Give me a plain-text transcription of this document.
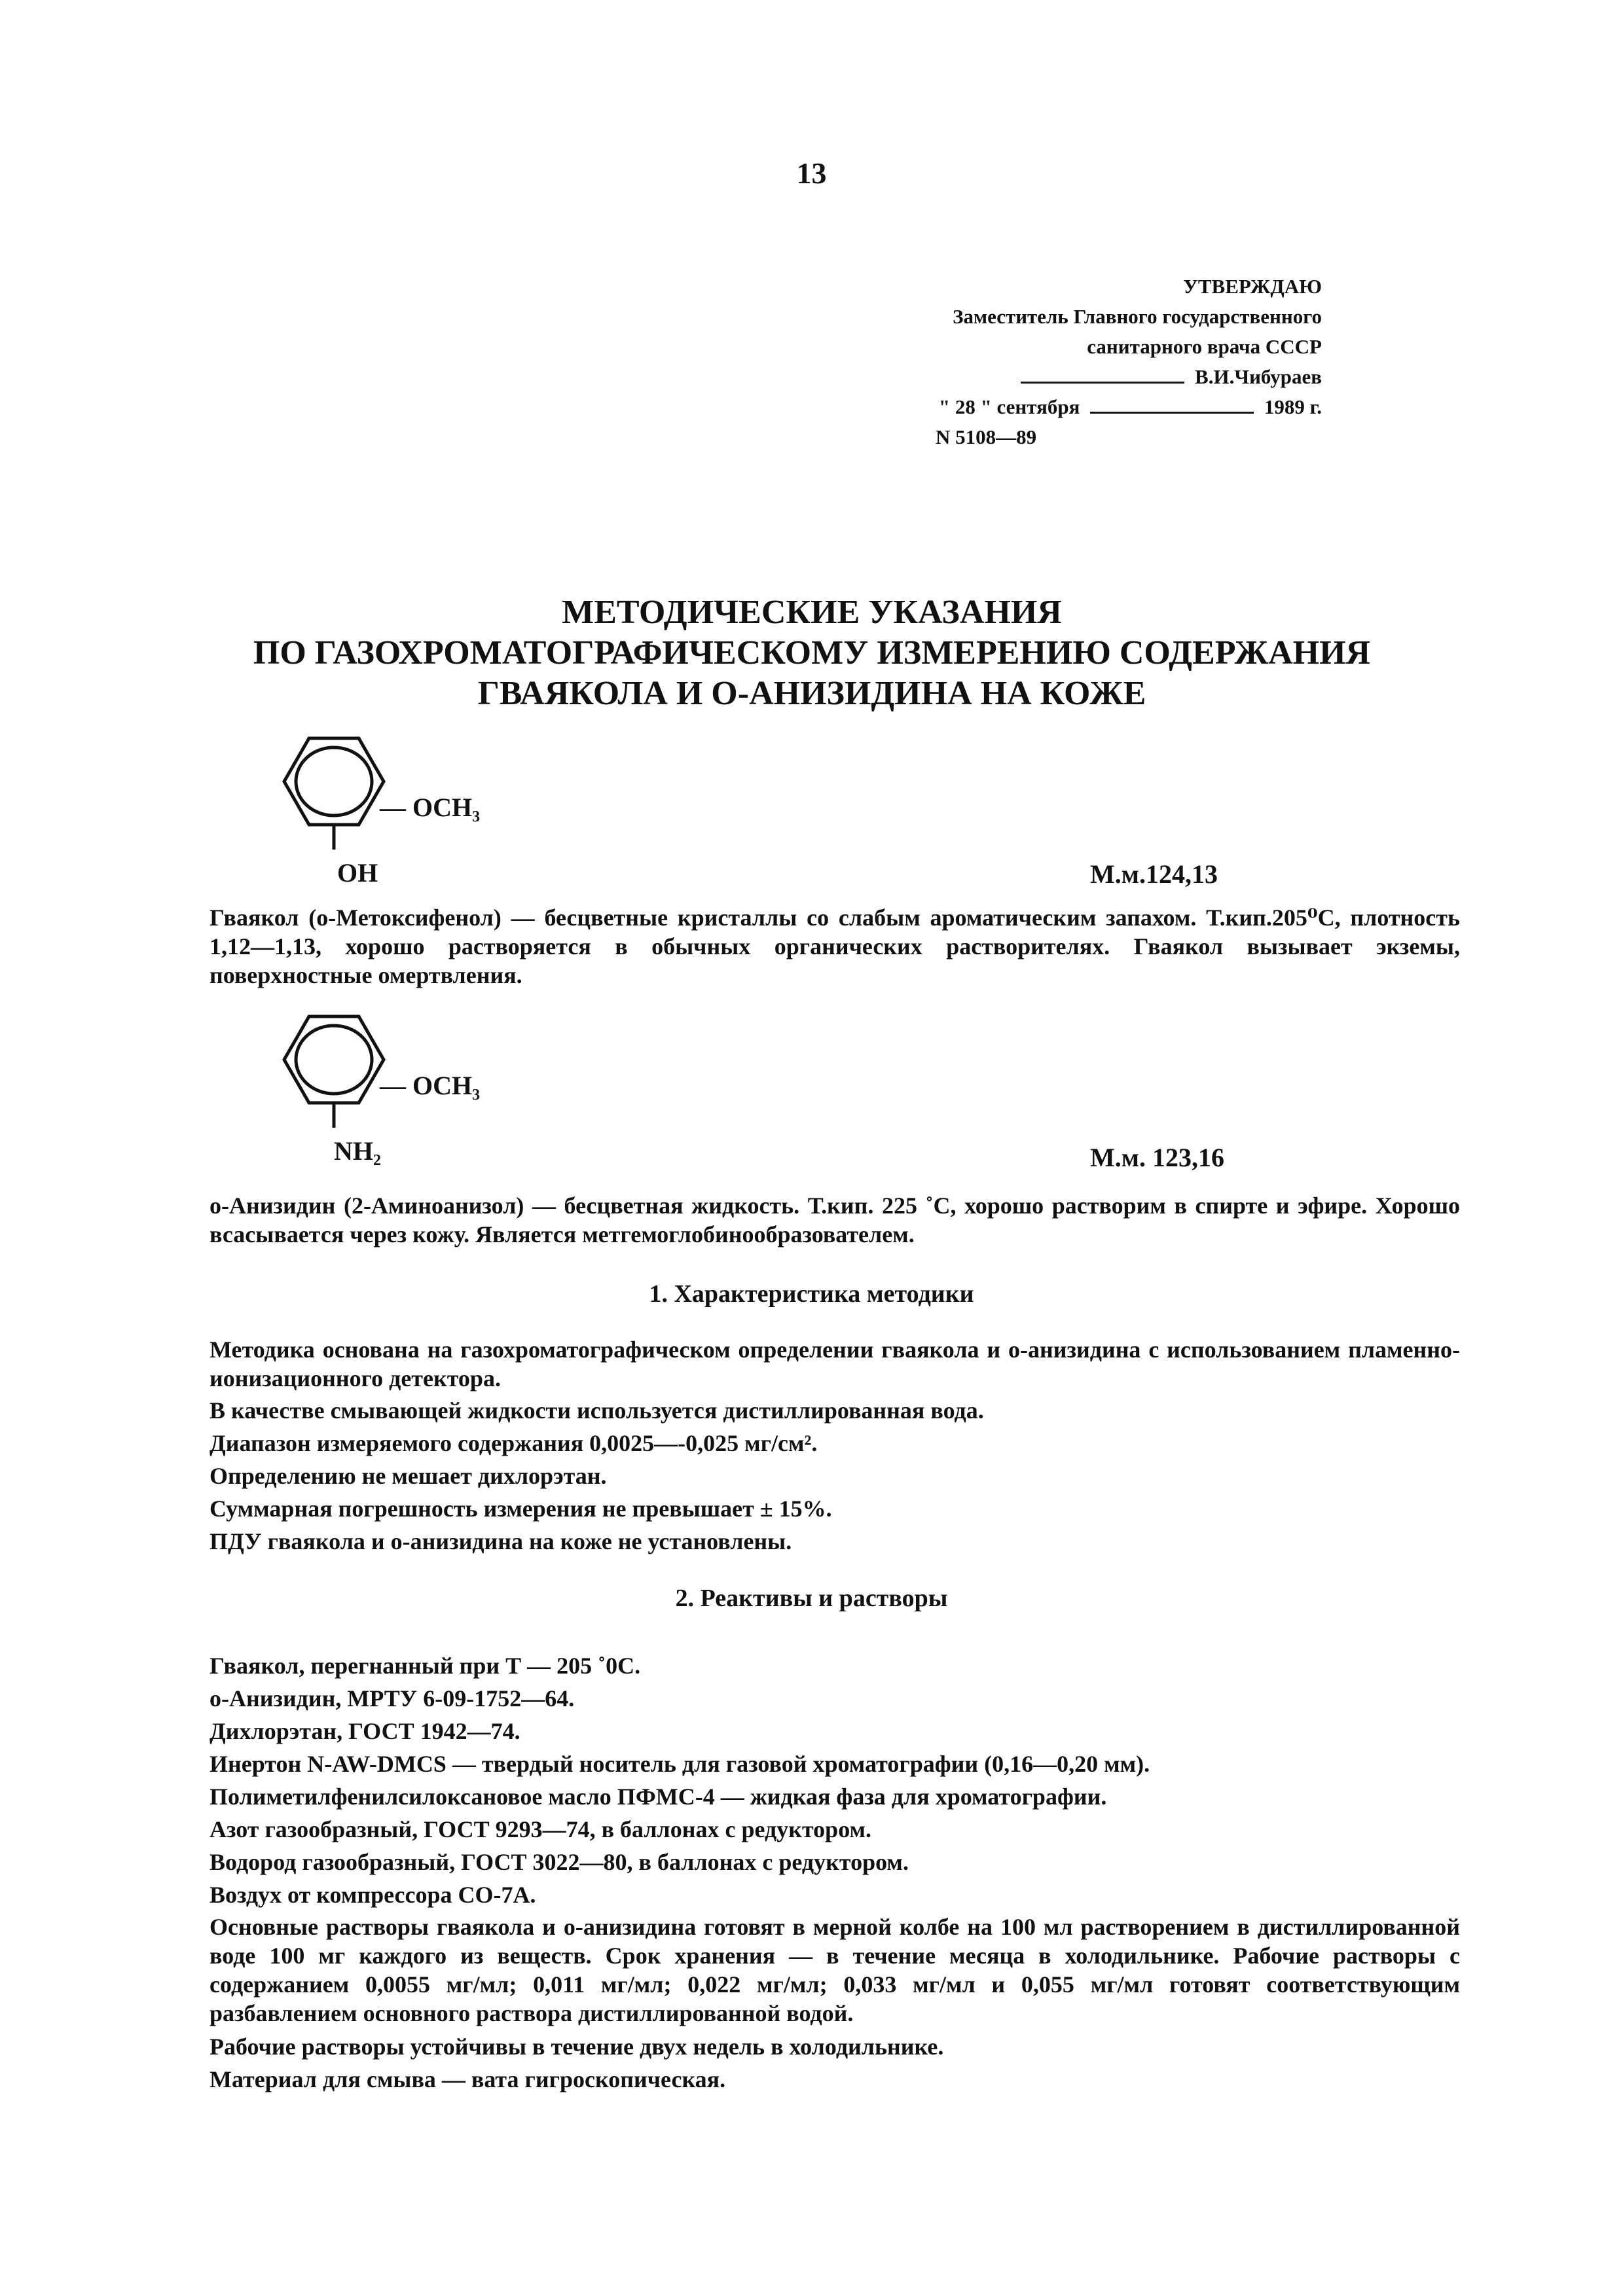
13
УТВЕРЖДАЮ
Заместитель Главного государственного
санитарного врача СССР
В.И.Чибураев
" 28 " сентября	1989 г.
N 5108—89
МЕТОДИЧЕСКИЕ УКАЗАНИЯ
ПО ГАЗОХРОМАТОГРАФИЧЕСКОМУ ИЗМЕРЕНИЮ СОДЕРЖАНИЯ
ГВАЯКОЛА И О-АНИЗИДИНА НА КОЖЕ
— OCH₃
OH	М.м.124,13
Гваякол (о-Метоксифенол) — бесцветные кристаллы со слабым ароматическим запахом. Т.кип.205⁰С, плотность 1,12—1,13, хорошо растворяется в обычных органических растворителях. Гваякол вызывает экземы, поверхностные омертвления.
— OCH₃
NH₂	М.м. 123,16
о-Анизидин (2-Аминоанизол) — бесцветная жидкость. Т.кип. 225 ˚С, хорошо растворим в спирте и эфире. Хорошо всасывается через кожу. Является метгемоглобинообразователем.
1. Характеристика методики
Методика основана на газохроматографическом определении гваякола и о-анизидина с использованием пламенно-ионизационного детектора.
В качестве смывающей жидкости используется дистиллированная вода.
Диапазон измеряемого содержания 0,0025—-0,025 мг/см².
Определению не мешает дихлорэтан.
Суммарная погрешность измерения не превышает ± 15%.
ПДУ гваякола и о-анизидина на коже не установлены.
2. Реактивы и растворы
Гваякол, перегнанный при Т — 205 ˚0С.
о-Анизидин, МРТУ 6-09-1752—64.
Дихлорэтан, ГОСТ 1942—74.
Инертон N-AW-DMCS — твердый носитель для газовой хроматографии (0,16—0,20 мм).
Полиметилфенилсилоксановое масло ПФМС-4 — жидкая фаза для хроматографии.
Азот газообразный, ГОСТ 9293—74, в баллонах с редуктором.
Водород газообразный, ГОСТ 3022—80, в баллонах с редуктором.
Воздух от компрессора СО-7А.
Основные растворы гваякола и о-анизидина готовят в мерной колбе на 100 мл растворением в дистиллированной воде 100 мг каждого из веществ. Срок хранения — в течение месяца в холодильнике. Рабочие растворы с содержанием 0,0055 мг/мл; 0,011 мг/мл; 0,022 мг/мл; 0,033 мг/мл и 0,055 мг/мл готовят соответствующим разбавлением основного раствора дистиллированной водой.
Рабочие растворы устойчивы в течение двух недель в холодильнике.
Материал для смыва — вата гигроскопическая.
